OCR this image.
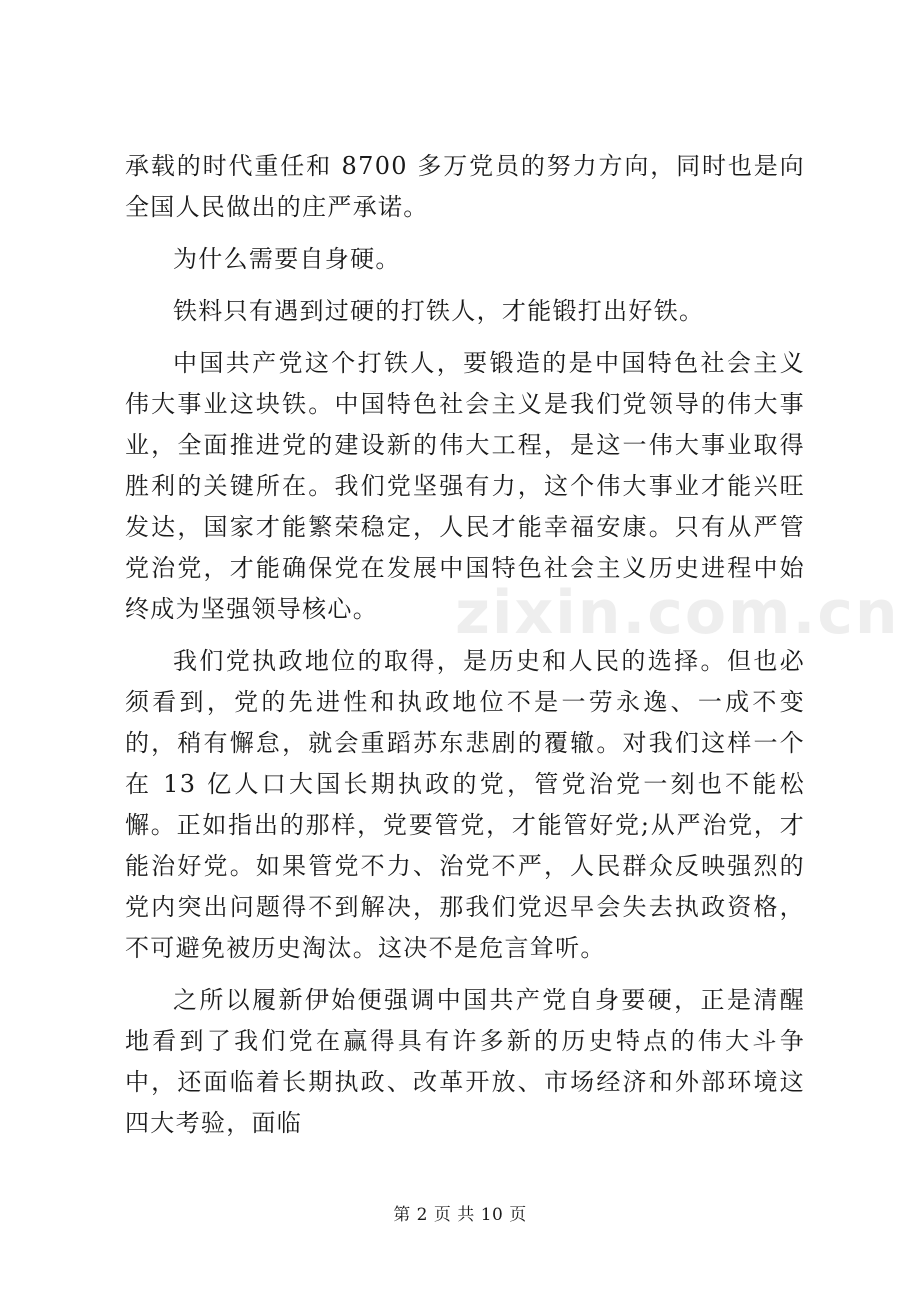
承载的时代重任和 8700 多万党员的努力方向，同时也是向全国人民做出的庄严承诺。

为什么需要自身硬。

铁料只有遇到过硬的打铁人，才能锻打出好铁。

中国共产党这个打铁人，要锻造的是中国特色社会主义伟大事业这块铁。中国特色社会主义是我们党领导的伟大事业，全面推进党的建设新的伟大工程，是这一伟大事业取得胜利的关键所在。我们党坚强有力，这个伟大事业才能兴旺发达，国家才能繁荣稳定，人民才能幸福安康。只有从严管党治党，才能确保党在发展中国特色社会主义历史进程中始终成为坚强领导核心。

我们党执政地位的取得，是历史和人民的选择。但也必须看到，党的先进性和执政地位不是一劳永逸、一成不变的，稍有懈怠，就会重蹈苏东悲剧的覆辙。对我们这样一个在 13 亿人口大国长期执政的党，管党治党一刻也不能松懈。正如指出的那样，党要管党，才能管好党;从严治党，才能治好党。如果管党不力、治党不严，人民群众反映强烈的党内突出问题得不到解决，那我们党迟早会失去执政资格，不可避免被历史淘汰。这决不是危言耸听。

之所以履新伊始便强调中国共产党自身要硬，正是清醒地看到了我们党在赢得具有许多新的历史特点的伟大斗争中，还面临着长期执政、改革开放、市场经济和外部环境这四大考验，面临

zixin.com.cn
第 2 页 共 10 页
